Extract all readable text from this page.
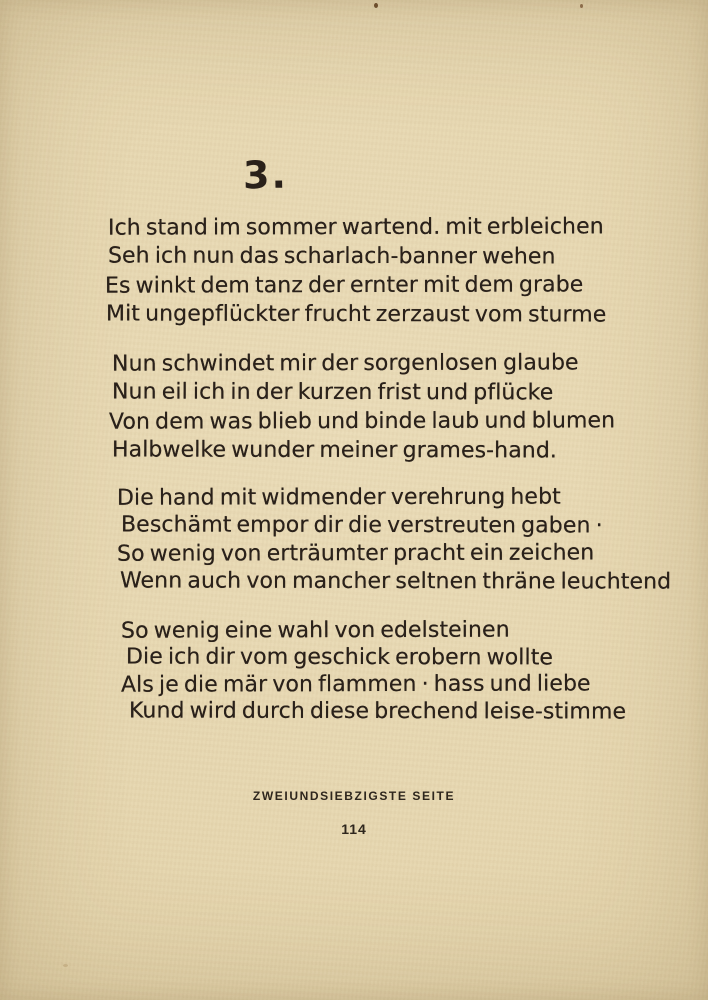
3.

Ich stand im sommer wartend. mit erbleichen

Seh ich nun das scharlach-banner wehen

Es winkt dem tanz der ernter mit dem grabe

Mit ungepflückter frucht zerzaust vom sturme

Nun schwindet mir der sorgenlosen glaube

Nun eil ich in der kurzen frist und pflücke

Von dem was blieb und binde laub und blumen

Halbwelke wunder meiner grames-hand.

Die hand mit widmender verehrung hebt

Beschämt empor dir die verstreuten gaben ·

So wenig von erträumter pracht ein zeichen

Wenn auch von mancher seltnen thräne leuchtend

So wenig eine wahl von edelsteinen

Die ich dir vom geschick erobern wollte

Als je die mär von flammen · hass und liebe

Kund wird durch diese brechend leise-stimme

ZWEIUNDSIEBZIGSTE SEITE
114
